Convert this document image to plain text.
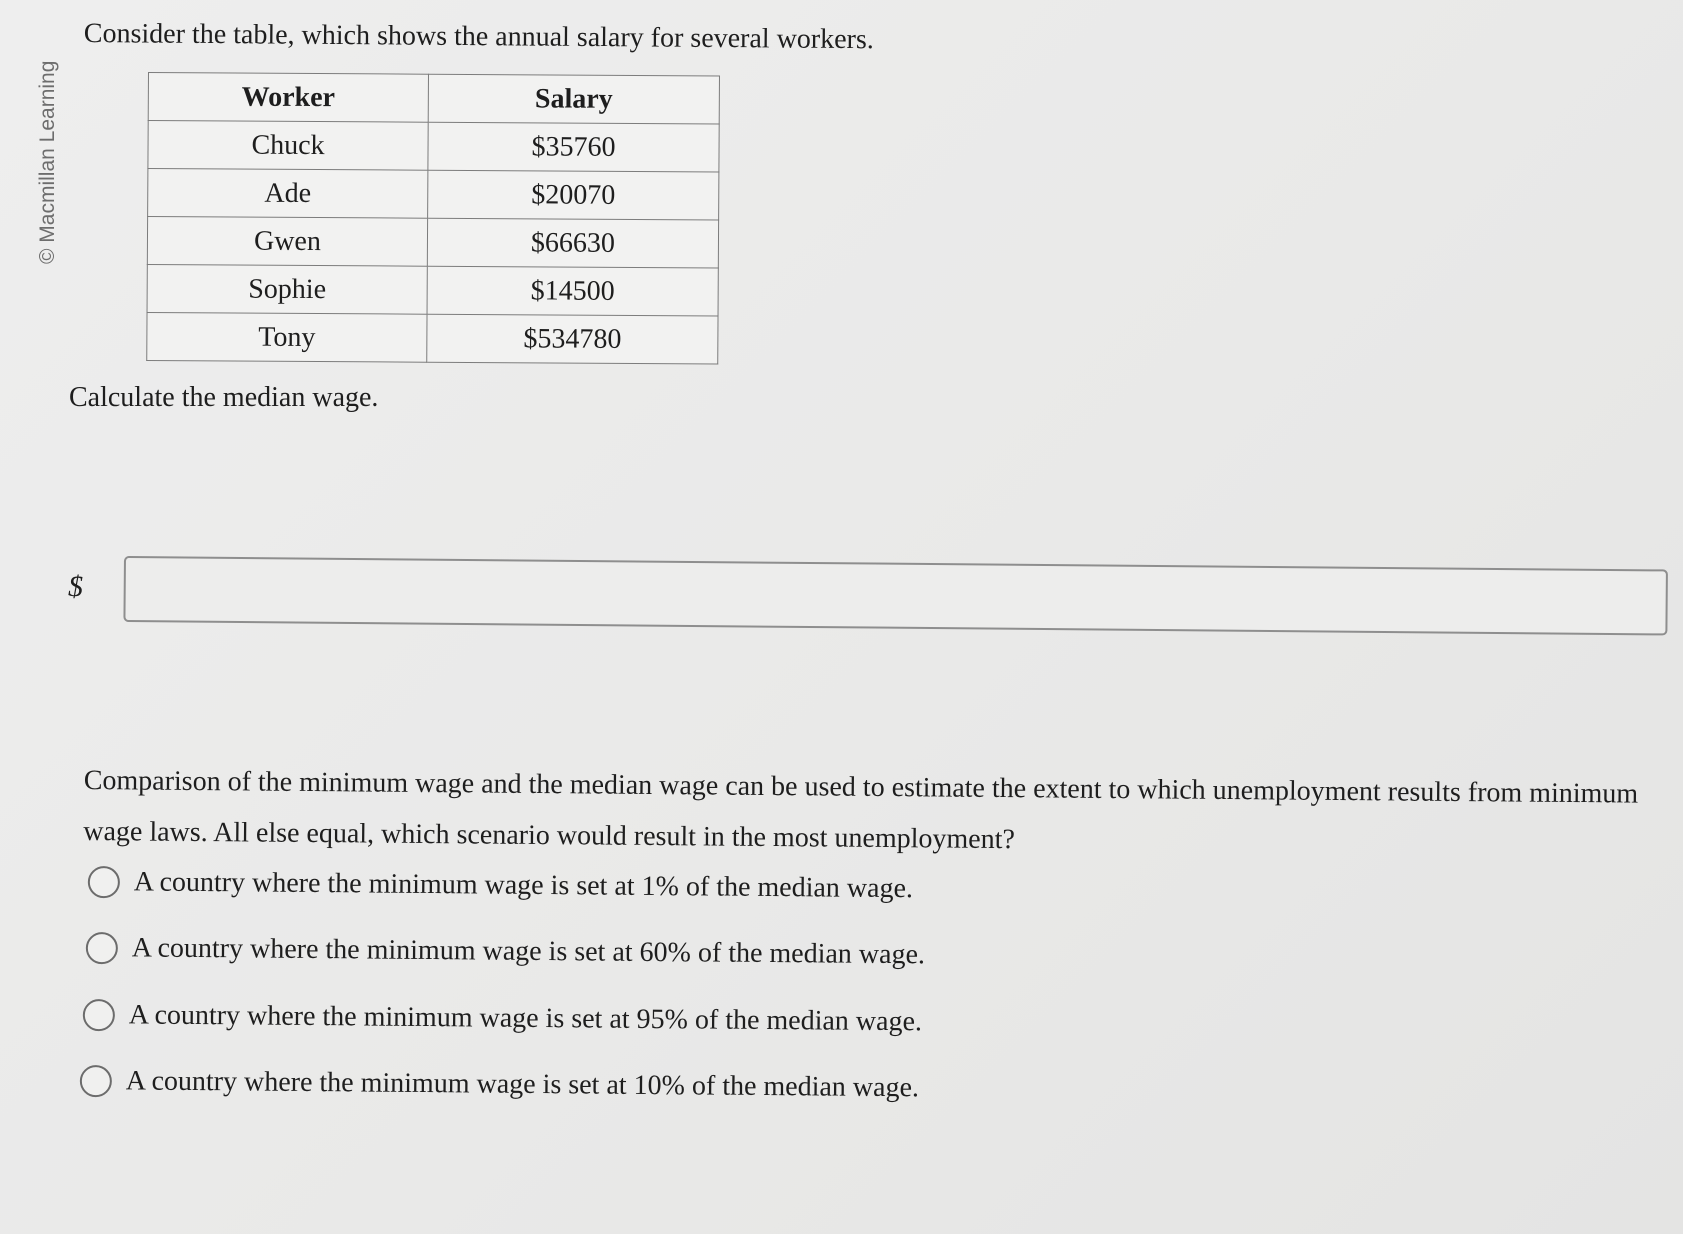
© Macmillan Learning
Consider the table, which shows the annual salary for several workers.
Worker	Salary
Chuck	$35760
Ade	$20070
Gwen	$66630
Sophie	$14500
Tony	$534780
Calculate the median wage.
$
Comparison of the minimum wage and the median wage can be used to estimate the extent to which unemployment results from minimum wage laws. All else equal, which scenario would result in the most unemployment?
A country where the minimum wage is set at 1% of the median wage.
A country where the minimum wage is set at 60% of the median wage.
A country where the minimum wage is set at 95% of the median wage.
A country where the minimum wage is set at 10% of the median wage.
